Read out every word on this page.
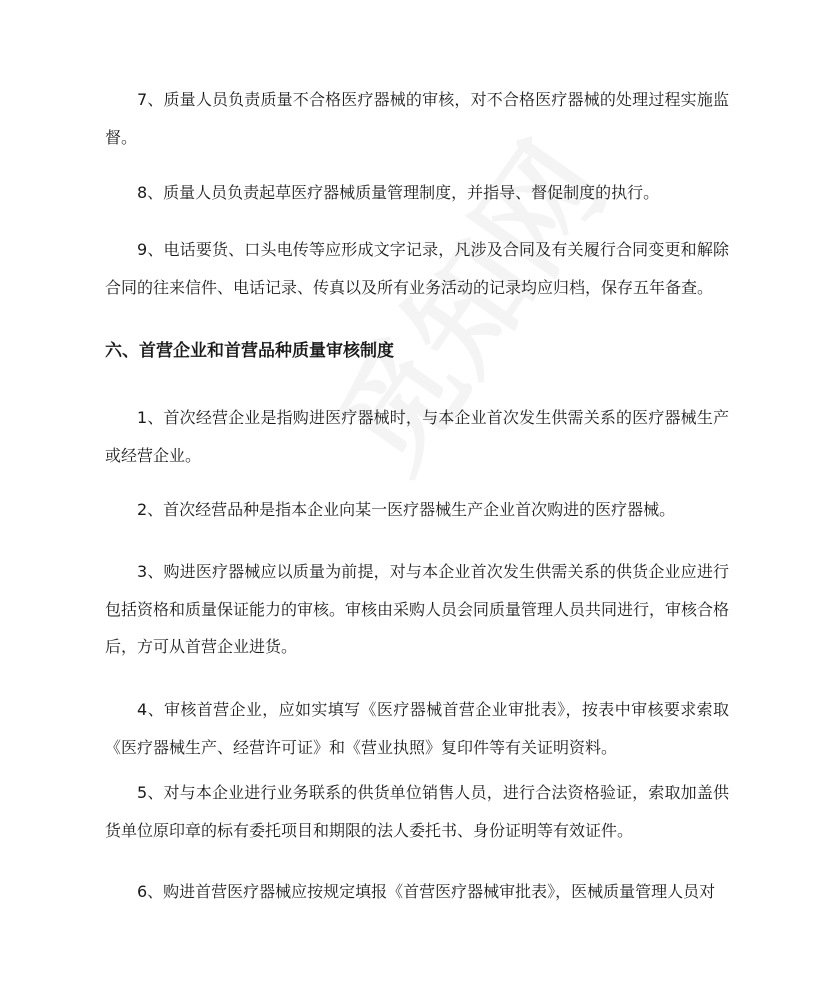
7、质量人员负责质量不合格医疗器械的审核，对不合格医疗器械的处理过程实施监督。

8、质量人员负责起草医疗器械质量管理制度，并指导、督促制度的执行。

9、电话要货、口头电传等应形成文字记录，凡涉及合同及有关履行合同变更和解除合同的往来信件、电话记录、传真以及所有业务活动的记录均应归档，保存五年备查。

六、首营企业和首营品种质量审核制度

1、首次经营企业是指购进医疗器械时，与本企业首次发生供需关系的医疗器械生产或经营企业。

2、首次经营品种是指本企业向某一医疗器械生产企业首次购进的医疗器械。

3、购进医疗器械应以质量为前提，对与本企业首次发生供需关系的供货企业应进行包括资格和质量保证能力的审核。审核由采购人员会同质量管理人员共同进行，审核合格后，方可从首营企业进货。

4、审核首营企业，应如实填写《医疗器械首营企业审批表》，按表中审核要求索取《医疗器械生产、经营许可证》和《营业执照》复印件等有关证明资料。

5、对与本企业进行业务联系的供货单位销售人员，进行合法资格验证，索取加盖供货单位原印章的标有委托项目和期限的法人委托书、身份证明等有效证件。

6、购进首营医疗器械应按规定填报《首营医疗器械审批表》，医械质量管理人员对
